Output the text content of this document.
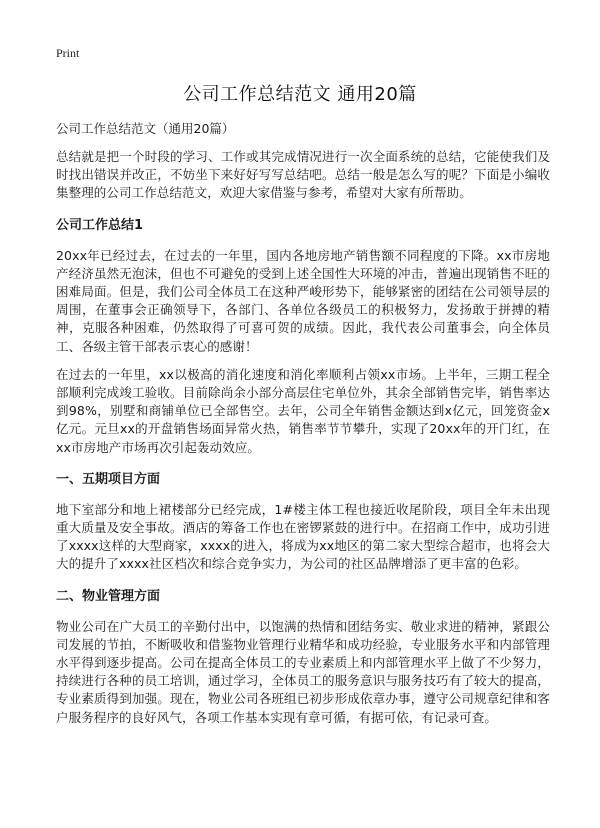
Print
公司工作总结范文 通用20篇

公司工作总结范文（通用20篇）

总结就是把一个时段的学习、工作或其完成情况进行一次全面系统的总结，它能使我们及时找出错误并改正，不妨坐下来好好写写总结吧。总结一般是怎么写的呢？下面是小编收集整理的公司工作总结范文，欢迎大家借鉴与参考，希望对大家有所帮助。

公司工作总结1

20xx年已经过去，在过去的一年里，国内各地房地产销售额不同程度的下降。xx市房地产经济虽然无泡沫，但也不可避免的受到上述全国性大环境的冲击，普遍出现销售不旺的困难局面。但是，我们公司全体员工在这种严峻形势下，能够紧密的团结在公司领导层的周围，在董事会正确领导下，各部门、各单位各级员工的积极努力，发扬敢于拼搏的精神，克服各种困难，仍然取得了可喜可贺的成绩。因此，我代表公司董事会，向全体员工、各级主管干部表示衷心的感谢！

在过去的一年里，xx以极高的消化速度和消化率顺利占领xx市场。上半年，三期工程全部顺利完成竣工验收。目前除尚余小部分高层住宅单位外，其余全部销售完毕，销售率达到98%，别墅和商铺单位已全部售空。去年，公司全年销售金额达到x亿元，回笼资金x亿元。元旦xx的开盘销售场面异常火热，销售率节节攀升，实现了20xx年的开门红，在xx市房地产市场再次引起轰动效应。

一、五期项目方面

地下室部分和地上裙楼部分已经完成，1#楼主体工程也接近收尾阶段，项目全年未出现重大质量及安全事故。酒店的筹备工作也在密锣紧鼓的进行中。在招商工作中，成功引进了xxxx这样的大型商家，xxxx的进入，将成为xx地区的第二家大型综合超市，也将会大大的提升了xxxx社区档次和综合竞争实力，为公司的社区品牌增添了更丰富的色彩。

二、物业管理方面

物业公司在广大员工的辛勤付出中，以饱满的热情和团结务实、敬业求进的精神，紧跟公司发展的节拍，不断吸收和借鉴物业管理行业精华和成功经验，专业服务水平和内部管理水平得到逐步提高。公司在提高全体员工的专业素质上和内部管理水平上做了不少努力，持续进行各种的员工培训，通过学习，全体员工的服务意识与服务技巧有了较大的提高，专业素质得到加强。现在，物业公司各班组已初步形成依章办事，遵守公司规章纪律和客户服务程序的良好风气，各项工作基本实现有章可循，有据可依，有记录可查。
